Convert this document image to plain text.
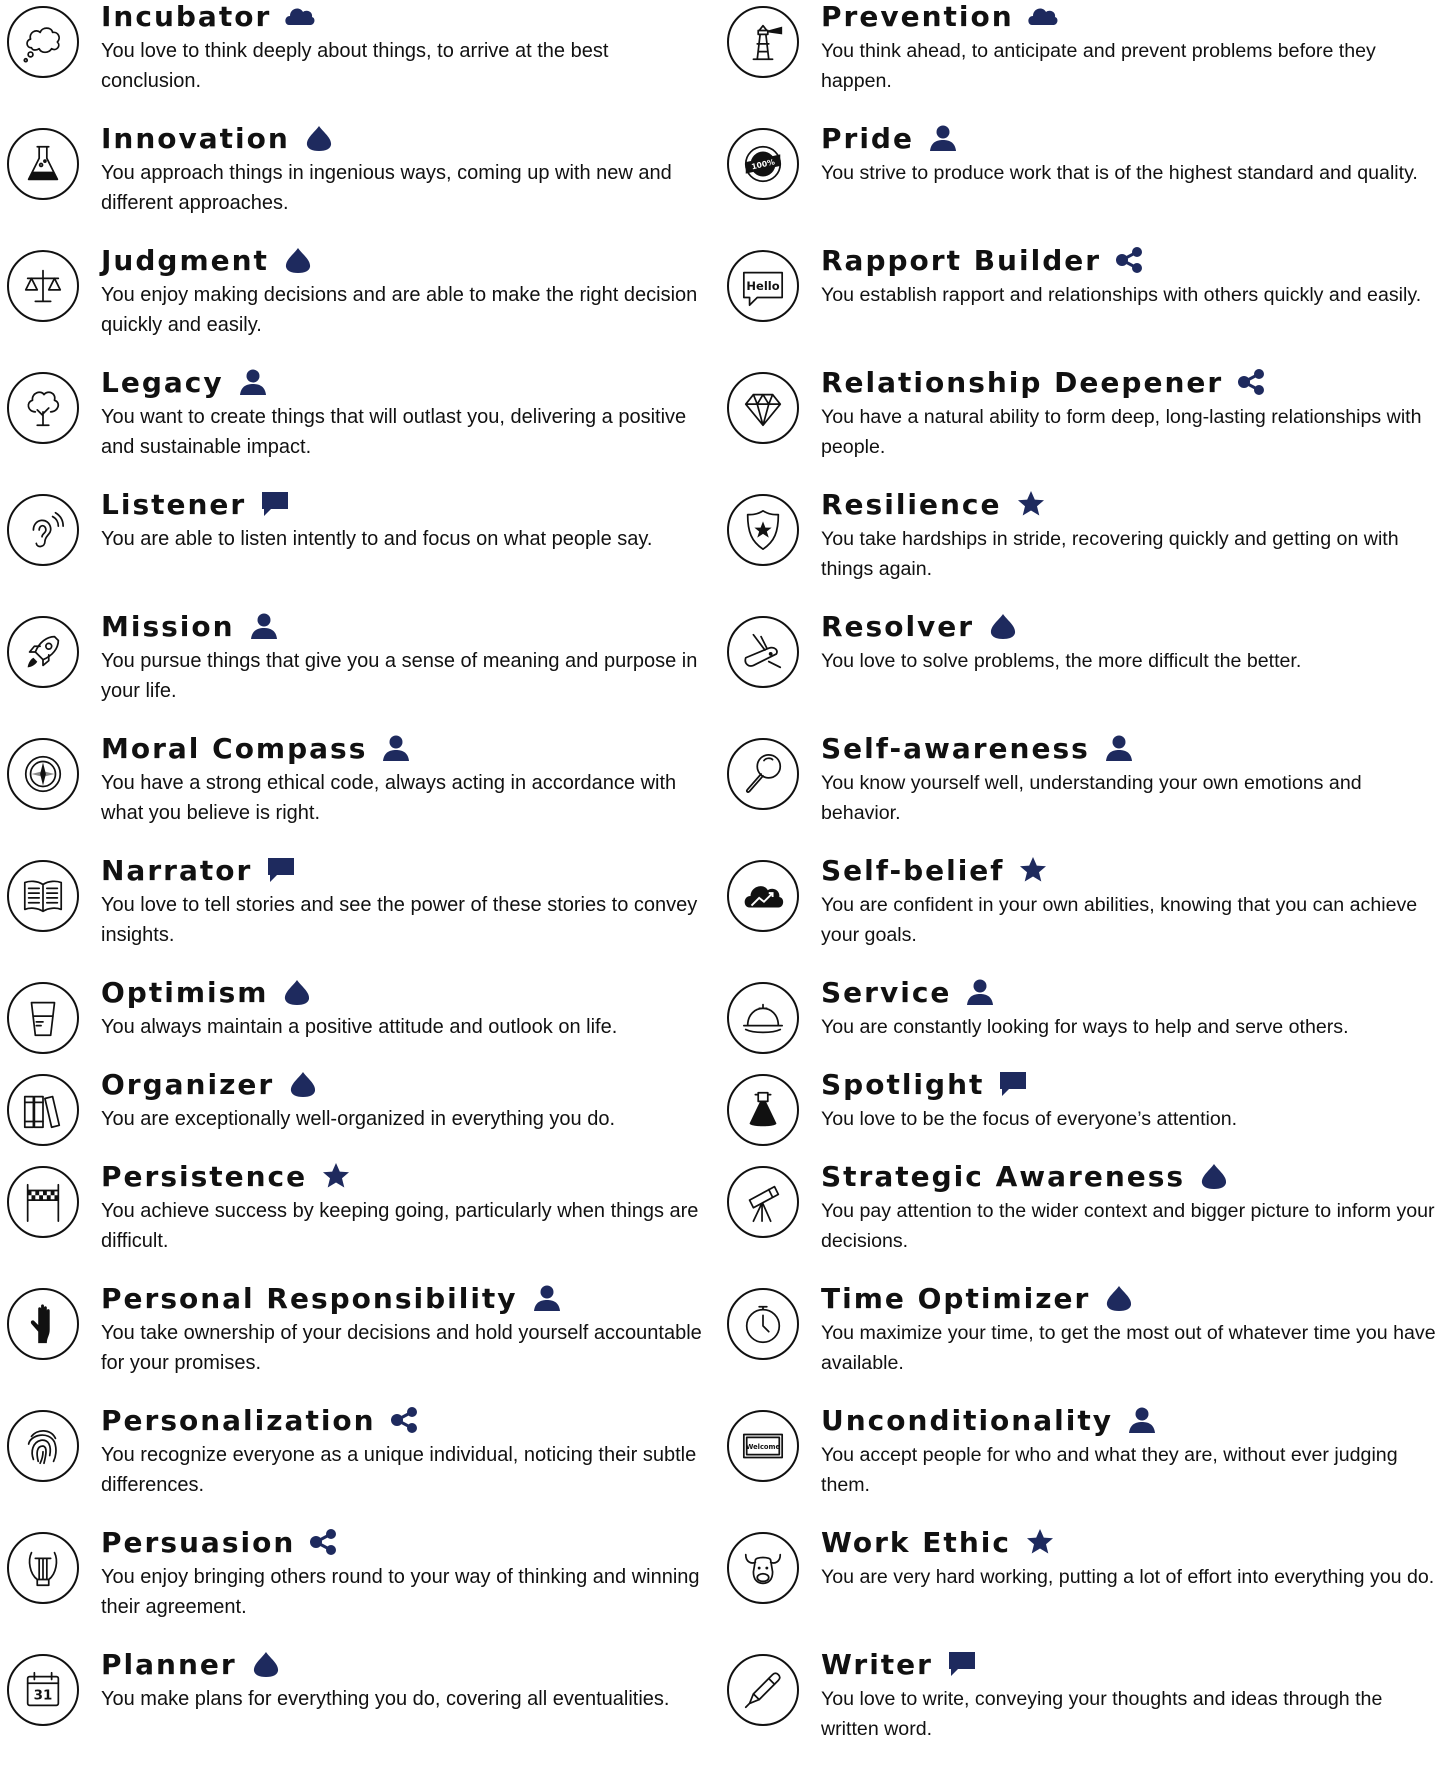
Incubator
You love to think deeply about things, to arrive at the best conclusion.
Innovation
You approach things in ingenious ways, coming up with new and different approaches.
Judgment
You enjoy making decisions and are able to make the right decision quickly and easily.
Legacy
You want to create things that will outlast you, delivering a positive and sustainable impact.
Listener
You are able to listen intently to and focus on what people say.
Mission
You pursue things that give you a sense of meaning and purpose in your life.
Moral Compass
You have a strong ethical code, always acting in accordance with what you believe is right.
Narrator
You love to tell stories and see the power of these stories to convey insights.
Optimism
You always maintain a positive attitude and outlook on life.
Organizer
You are exceptionally well-organized in everything you do.
Persistence
You achieve success by keeping going, particularly when things are difficult.
Personal Responsibility
You take ownership of your decisions and hold yourself accountable for your promises.
Personalization
You recognize everyone as a unique individual, noticing their subtle differences.
Persuasion
You enjoy bringing others round to your way of thinking and winning their agreement.
31
Planner
You make plans for everything you do, covering all eventualities.
Prevention
You think ahead, to anticipate and prevent problems before they happen.
100%
Pride
You strive to produce work that is of the highest standard and quality.
Hello
Rapport Builder
You establish rapport and relationships with others quickly and easily.
Relationship Deepener
You have a natural ability to form deep, long-lasting relationships with people.
Resilience
You take hardships in stride, recovering quickly and getting on with things again.
Resolver
You love to solve problems, the more difficult the better.
Self-awareness
You know yourself well, understanding your own emotions and behavior.
Self-belief
You are confident in your own abilities, knowing that you can achieve your goals.
Service
You are constantly looking for ways to help and serve others.
Spotlight
You love to be the focus of everyone’s attention.
Strategic Awareness
You pay attention to the wider context and bigger picture to inform your decisions.
Time Optimizer
You maximize your time, to get the most out of whatever time you have available.
Welcome
Unconditionality
You accept people for who and what they are, without ever judging them.
Work Ethic
You are very hard working, putting a lot of effort into everything you do.
Writer
You love to write, conveying your thoughts and ideas through the written word.
